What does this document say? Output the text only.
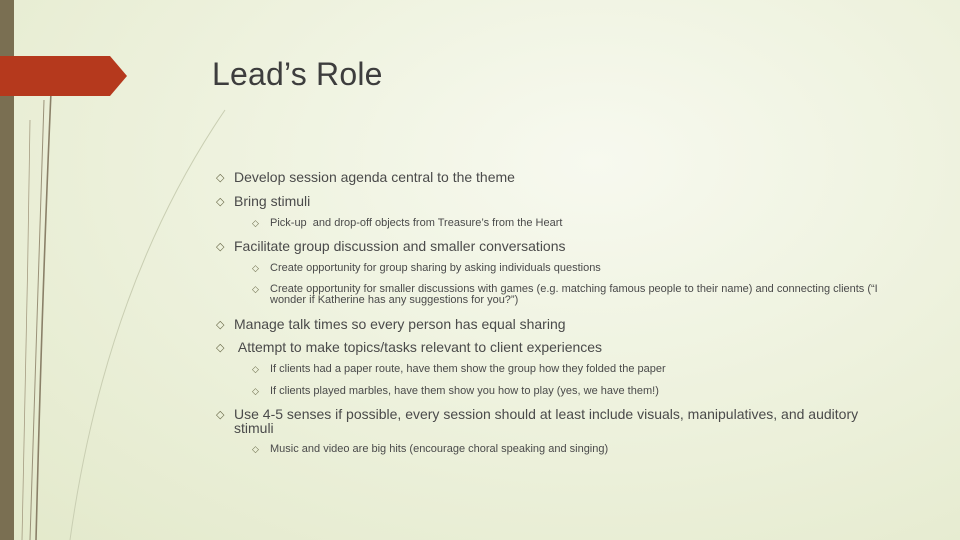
Lead’s Role
◇ Develop session agenda central to the theme
◇ Bring stimuli
◇	Pick-up  and drop-off objects from Treasure’s from the Heart
◇ Facilitate group discussion and smaller conversations
◇	Create opportunity for group sharing by asking individuals questions
◇	Create opportunity for smaller discussions with games (e.g. matching famous people to their name) and connecting clients (“I wonder if Katherine has any suggestions for you?”)
◇ Manage talk times so every person has equal sharing
◇ Attempt to make topics/tasks relevant to client experiences
◇	If clients had a paper route, have them show the group how they folded the paper
◇	If clients played marbles, have them show you how to play (yes, we have them!)
◇ Use 4-5 senses if possible, every session should at least include visuals, manipulatives, and auditory stimuli
◇	Music and video are big hits (encourage choral speaking and singing)
